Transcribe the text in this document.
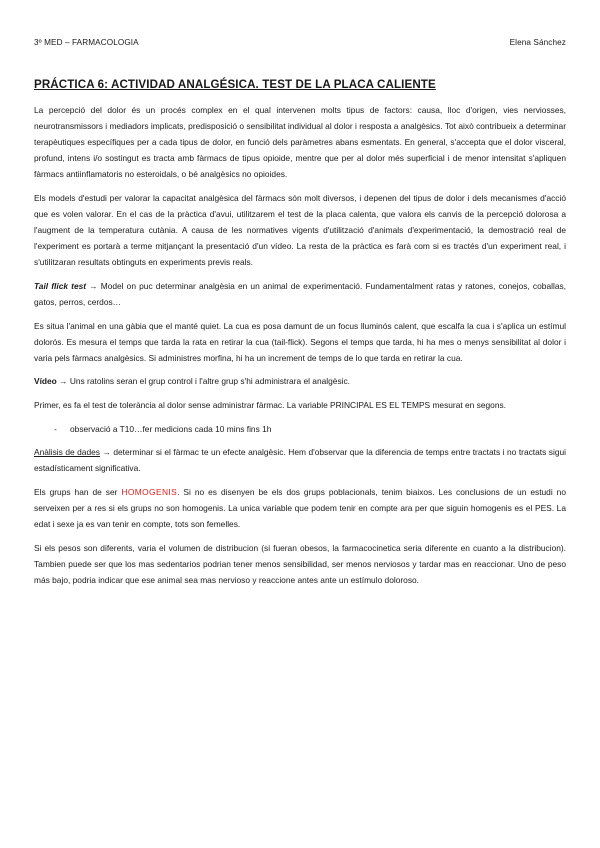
3º MED – FARMACOLOGIA	Elena Sánchez
PRÁCTICA 6: ACTIVIDAD ANALGÉSICA. TEST DE LA PLACA CALIENTE

La percepció del dolor és un procés complex en el qual intervenen molts tipus de factors: causa, lloc d'origen, vies nerviosses, neurotransmissors i mediadors implicats, predisposició o sensibilitat individual al dolor i resposta a analgèsics. Tot això contribueix a determinar terapèutiques específiques per a cada tipus de dolor, en funció dels paràmetres abans esmentats. En general, s'accepta que el dolor visceral, profund, intens i/o sostingut es tracta amb fàrmacs de tipus opioide, mentre que per al dolor més superficial i de menor intensitat s'apliquen fàrmacs antiinflamatoris no esteroidals, o bé analgèsics no opioides.

Els models d'estudi per valorar la capacitat analgèsica del fàrmacs són molt diversos, i depenen del tipus de dolor i dels mecanismes d'acció que es volen valorar. En el cas de la pràctica d'avui, utilitzarem el test de la placa calenta, que valora els canvis de la percepció dolorosa a l'augment de la temperatura cutània. A causa de les normatives vigents d'utilització d'animals d'experimentació, la demostració real de l'experiment es portarà a terme mitjançant la presentació d'un vídeo. La resta de la pràctica es farà com si es tractés d'un experiment real, i s'utilitzaran resultats obtinguts en experiments previs reals.

Tail flick test → Model on puc determinar analgèsia en un animal de experimentació. Fundamentalment ratas y ratones, conejos, coballas, gatos, perros, cerdos…

Es situa l'animal en una gàbia que el manté quiet. La cua es posa damunt de un focus lluminós calent, que escalfa la cua i s'aplica un estímul dolorós. Es mesura el temps que tarda la rata en retirar la cua (tail-flick). Segons el temps que tarda, hi ha mes o menys sensibilitat al dolor i varia pels fàrmacs analgèsics. Si administres morfina, hi ha un increment de temps de lo que tarda en retirar la cua.

Vídeo → Uns ratolins seran el grup control i l'altre grup s'hi administrara el analgèsic.

Primer, es fa el test de tolerància al dolor sense administrar fàrmac. La variable PRINCIPAL ES EL TEMPS mesurat en segons.

-	observació a T10…fer medicions cada 10 mins fins 1h

Anàlisis de dades → determinar si el fàrmac te un efecte analgèsic. Hem d'observar que la diferencia de temps entre tractats i no tractats sigui estadísticament significativa.

Els grups han de ser HOMOGENIS. Si no es disenyen be els dos grups poblacionals, tenim biaixos. Les conclusions de un estudi no serveixen per a res si els grups no son homogenis. La unica variable que podem tenir en compte ara per que siguin homogenis es el PES. La edat i sexe ja es van tenir en compte, tots son femelles.

Si els pesos son diferents, varia el volumen de distribucion (si fueran obesos, la farmacocinetica seria diferente en cuanto a la distribucion). Tambien puede ser que los mas sedentarios podrian tener menos sensibilidad, ser menos nerviosos y tardar mas en reaccionar. Uno de peso más bajo, podria indicar que ese animal sea mas nervioso y reaccione antes ante un estímulo doloroso.
